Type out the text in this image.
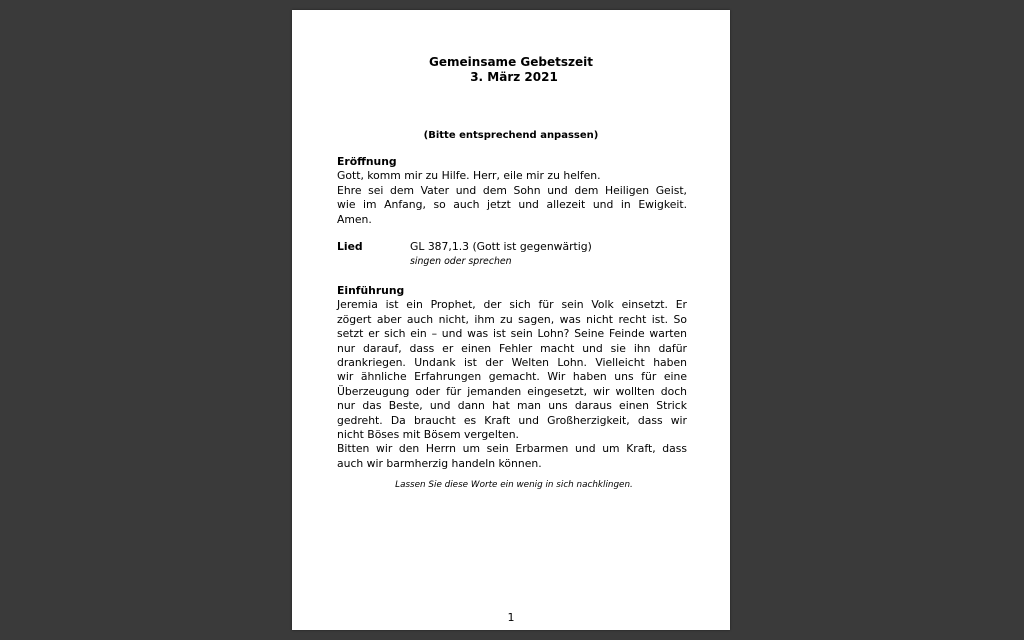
Gemeinsame Gebetszeit
3. März 2021
(Bitte entsprechend anpassen)
Eröffnung
Gott, komm mir zu Hilfe. Herr, eile mir zu helfen.
Ehre sei dem Vater und dem Sohn und dem Heiligen Geist,
wie im Anfang, so auch jetzt und allezeit und in Ewigkeit.
Amen.
Lied	GL 387,1.3 (Gott ist gegenwärtig)
singen oder sprechen
Einführung
Jeremia ist ein Prophet, der sich für sein Volk einsetzt. Er
zögert aber auch nicht, ihm zu sagen, was nicht recht ist. So
setzt er sich ein – und was ist sein Lohn? Seine Feinde warten
nur darauf, dass er einen Fehler macht und sie ihn dafür
drankriegen. Undank ist der Welten Lohn. Vielleicht haben
wir ähnliche Erfahrungen gemacht. Wir haben uns für eine
Überzeugung oder für jemanden eingesetzt, wir wollten doch
nur das Beste, und dann hat man uns daraus einen Strick
gedreht. Da braucht es Kraft und Großherzigkeit, dass wir
nicht Böses mit Bösem vergelten.
Bitten wir den Herrn um sein Erbarmen und um Kraft, dass
auch wir barmherzig handeln können.
Lassen Sie diese Worte ein wenig in sich nachklingen.
1
